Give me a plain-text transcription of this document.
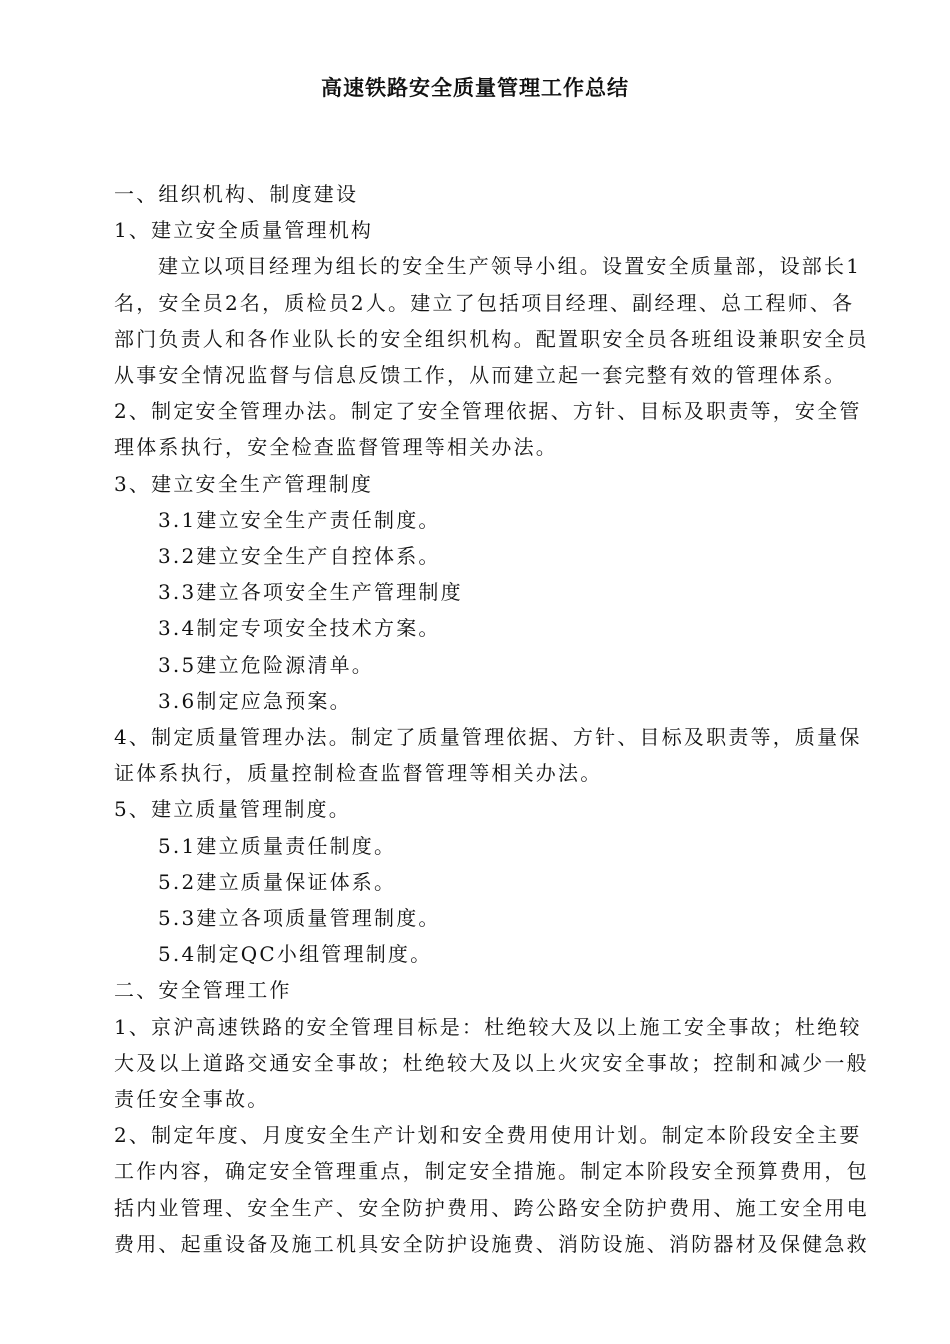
高速铁路安全质量管理工作总结

一、组织机构、制度建设

1、建立安全质量管理机构

建立以项目经理为组长的安全生产领导小组。设置安全质量部，设部长1

名，安全员2名，质检员2人。建立了包括项目经理、副经理、总工程师、各

部门负责人和各作业队长的安全组织机构。配置职安全员各班组设兼职安全员

从事安全情况监督与信息反馈工作，从而建立起一套完整有效的管理体系。

2、制定安全管理办法。制定了安全管理依据、方针、目标及职责等，安全管

理体系执行，安全检查监督管理等相关办法。

3、建立安全生产管理制度

3.1建立安全生产责任制度。

3.2建立安全生产自控体系。

3.3建立各项安全生产管理制度

3.4制定专项安全技术方案。

3.5建立危险源清单。

3.6制定应急预案。

4、制定质量管理办法。制定了质量管理依据、方针、目标及职责等，质量保

证体系执行，质量控制检查监督管理等相关办法。

5、建立质量管理制度。

5.1建立质量责任制度。

5.2建立质量保证体系。

5.3建立各项质量管理制度。

5.4制定QC小组管理制度。

二、安全管理工作

1、京沪高速铁路的安全管理目标是：杜绝较大及以上施工安全事故；杜绝较

大及以上道路交通安全事故；杜绝较大及以上火灾安全事故；控制和减少一般

责任安全事故。

2、制定年度、月度安全生产计划和安全费用使用计划。制定本阶段安全主要

工作内容，确定安全管理重点，制定安全措施。制定本阶段安全预算费用，包

括内业管理、安全生产、安全防护费用、跨公路安全防护费用、施工安全用电

费用、起重设备及施工机具安全防护设施费、消防设施、消防器材及保健急救
